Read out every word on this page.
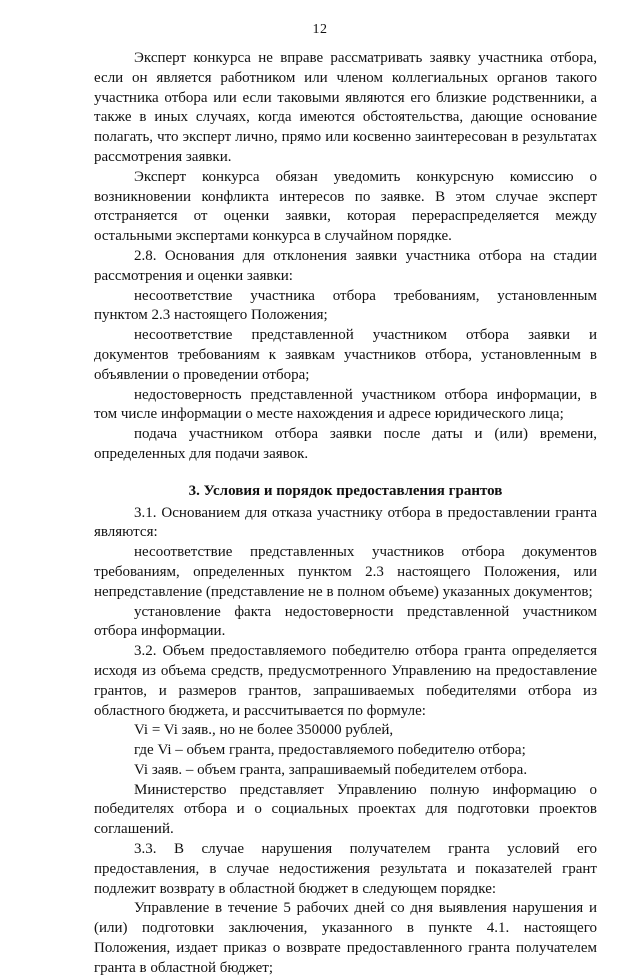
12

Эксперт конкурса не вправе рассматривать заявку участника отбора, если он является работником или членом коллегиальных органов такого участника отбора или если таковыми являются его близкие родственники, а также в иных случаях, когда имеются обстоятельства, дающие основание полагать, что эксперт лично, прямо или косвенно заинтересован в результатах рассмотрения заявки.

Эксперт конкурса обязан уведомить конкурсную комиссию о возникновении конфликта интересов по заявке. В этом случае эксперт отстраняется от оценки заявки, которая перераспределяется между остальными экспертами конкурса в случайном порядке.

2.8. Основания для отклонения заявки участника отбора на стадии рассмотрения и оценки заявки:

несоответствие участника отбора требованиям, установленным пунктом 2.3 настоящего Положения;

несоответствие представленной участником отбора заявки и документов требованиям к заявкам участников отбора, установленным в объявлении о проведении отбора;

недостоверность представленной участником отбора информации, в том числе информации о месте нахождения и адресе юридического лица;

подача участником отбора заявки после даты и (или) времени, определенных для подачи заявок.

3. Условия и порядок предоставления грантов

3.1. Основанием для отказа участнику отбора в предоставлении гранта являются:

несоответствие представленных участников отбора документов требованиям, определенных пунктом 2.3 настоящего Положения, или непредставление (представление не в полном объеме) указанных документов;

установление факта недостоверности представленной участником отбора информации.

3.2. Объем предоставляемого победителю отбора гранта определяется исходя из объема средств, предусмотренного Управлению на предоставление грантов, и размеров грантов, запрашиваемых победителями отбора из областного бюджета, и рассчитывается по формуле:

Vi = Vi заяв., но не более 350000 рублей,

где Vi – объем гранта, предоставляемого победителю отбора;

Vi заяв. – объем гранта, запрашиваемый победителем отбора.

Министерство представляет Управлению полную информацию о победителях отбора и о социальных проектах для подготовки проектов соглашений.

3.3. В случае нарушения получателем гранта условий его предоставления, в случае недостижения результата и показателей грант подлежит возврату в областной бюджет в следующем порядке:

Управление в течение 5 рабочих дней со дня выявления нарушения и (или) подготовки заключения, указанного в пункте 4.1. настоящего Положения, издает приказ о возврате предоставленного гранта получателем гранта в областной бюджет;
